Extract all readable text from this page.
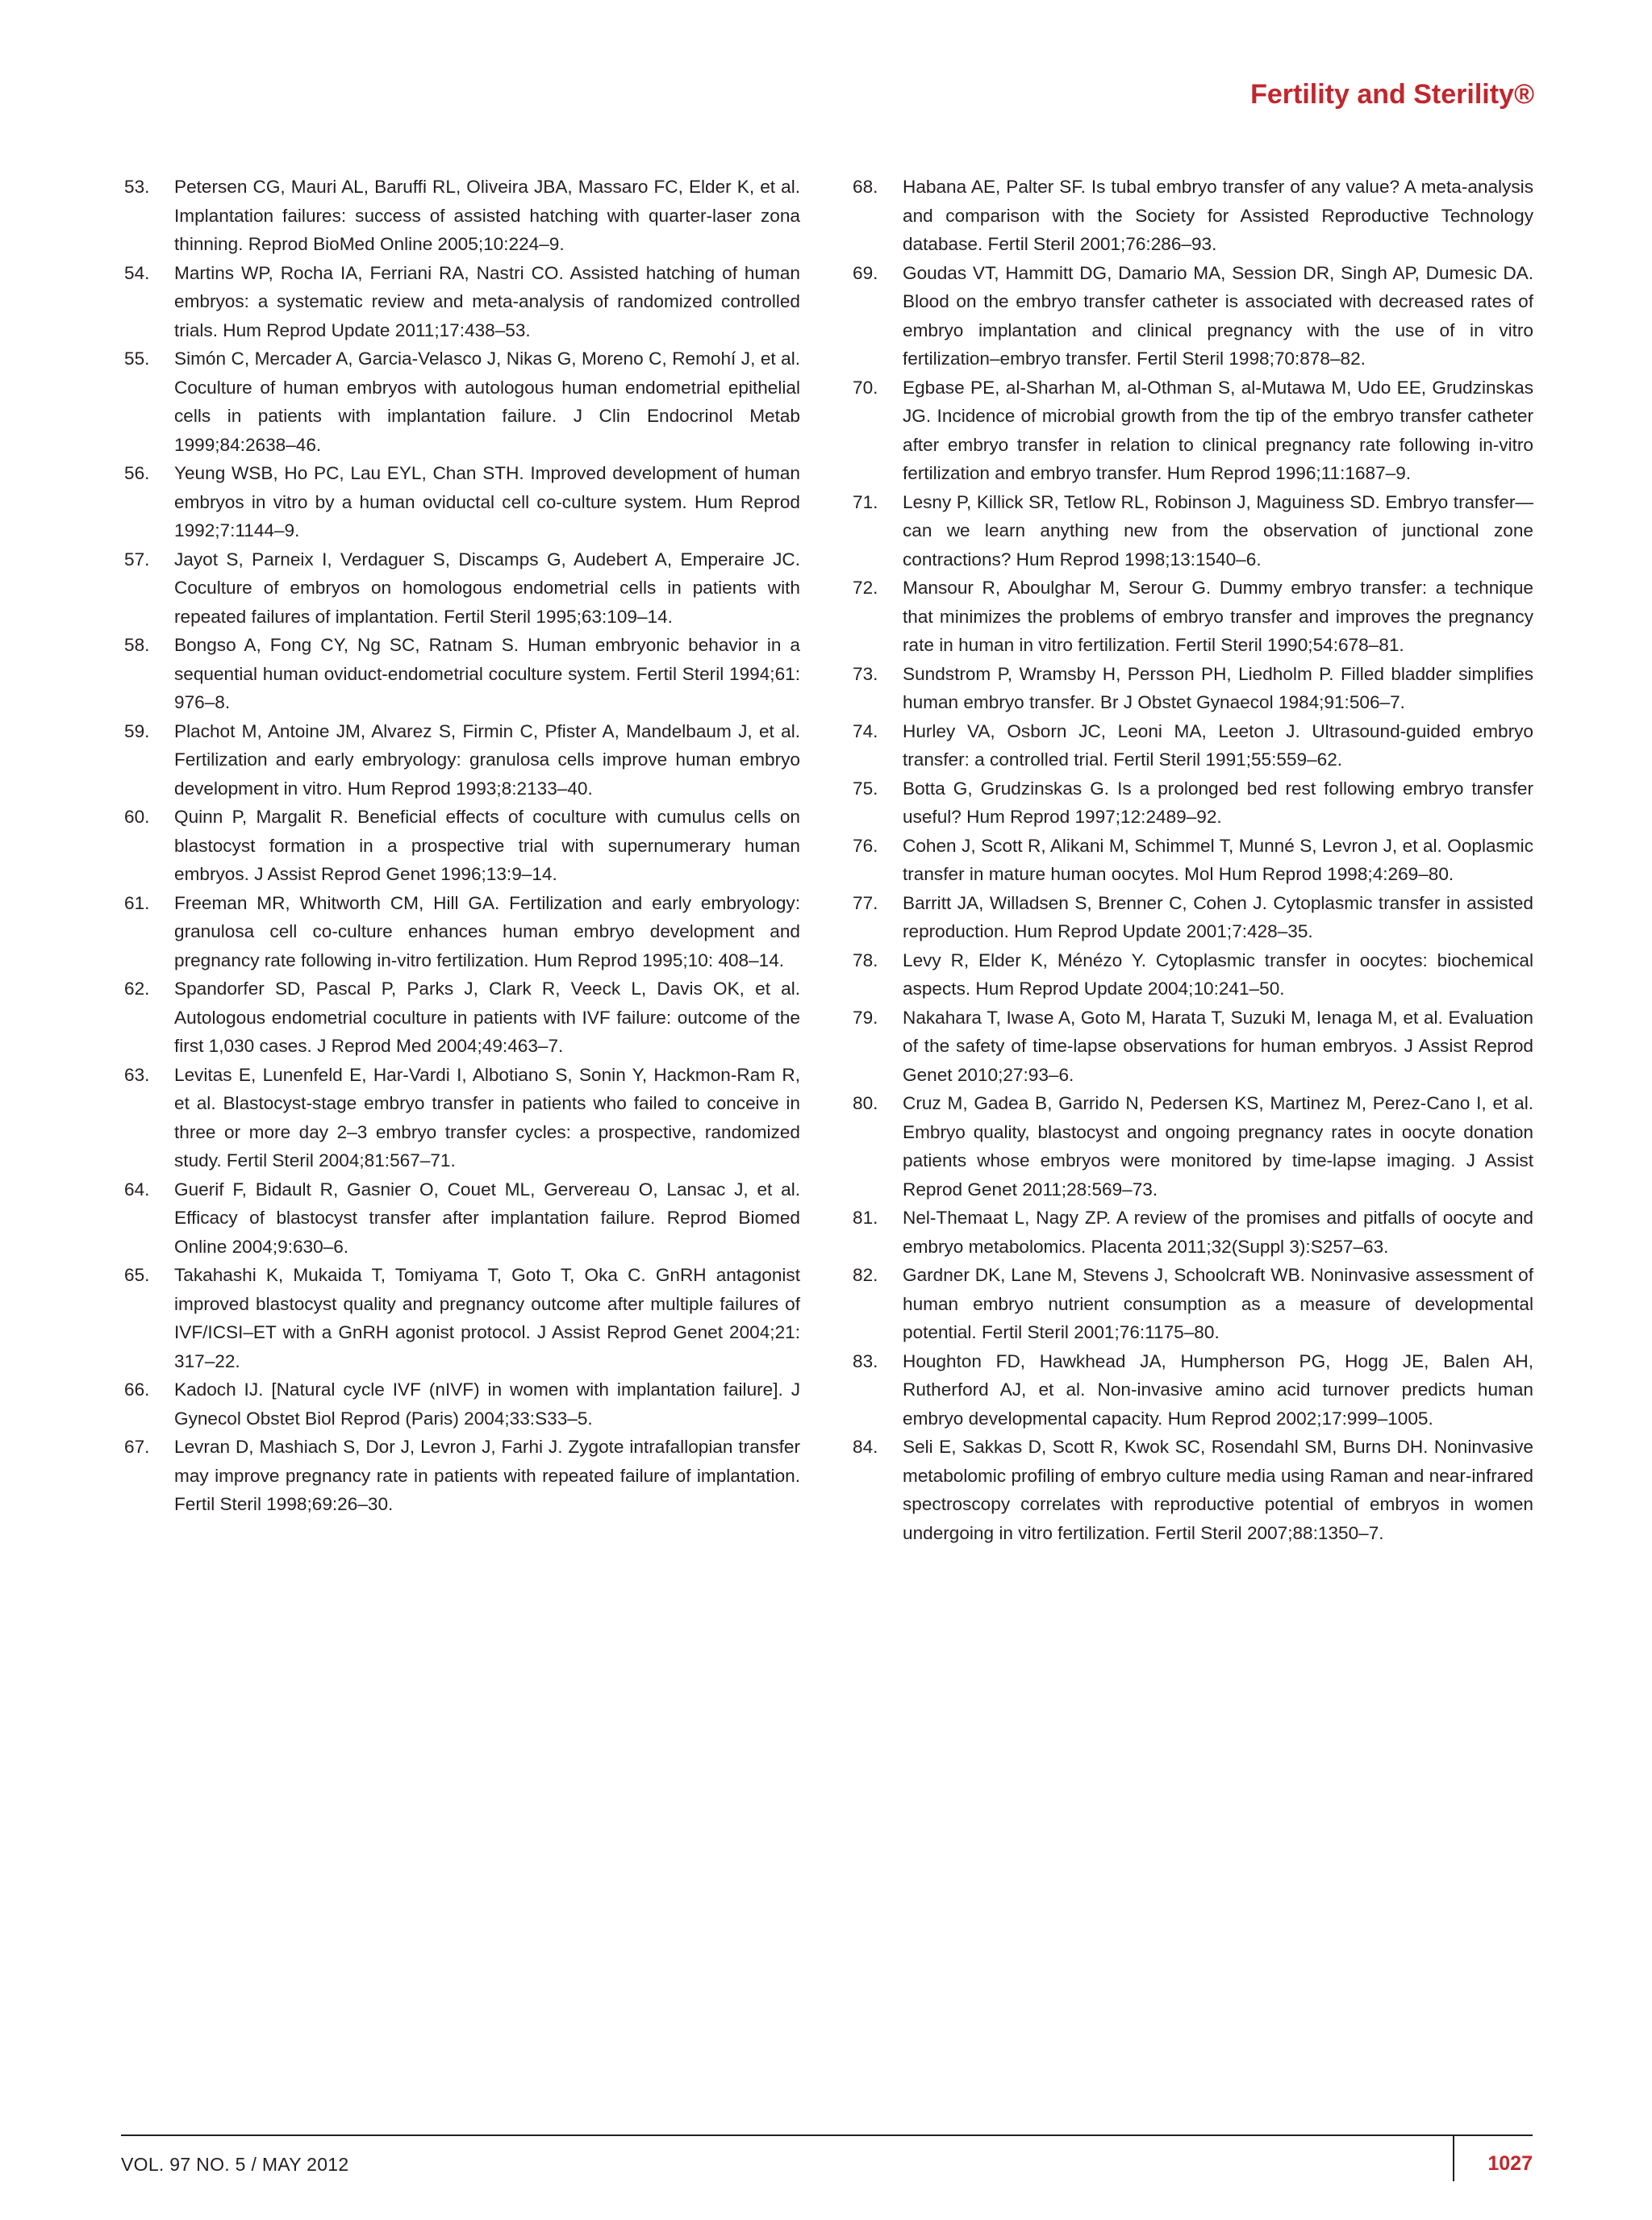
Fertility and Sterility®
53. Petersen CG, Mauri AL, Baruffi RL, Oliveira JBA, Massaro FC, Elder K, et al. Implantation failures: success of assisted hatching with quarter-laser zona thinning. Reprod BioMed Online 2005;10:224–9.
54. Martins WP, Rocha IA, Ferriani RA, Nastri CO. Assisted hatching of human embryos: a systematic review and meta-analysis of randomized controlled trials. Hum Reprod Update 2011;17:438–53.
55. Simón C, Mercader A, Garcia-Velasco J, Nikas G, Moreno C, Remohí J, et al. Coculture of human embryos with autologous human endometrial epithelial cells in patients with implantation failure. J Clin Endocrinol Metab 1999;84:2638–46.
56. Yeung WSB, Ho PC, Lau EYL, Chan STH. Improved development of human embryos in vitro by a human oviductal cell co-culture system. Hum Reprod 1992;7:1144–9.
57. Jayot S, Parneix I, Verdaguer S, Discamps G, Audebert A, Emperaire JC. Coculture of embryos on homologous endometrial cells in patients with repeated failures of implantation. Fertil Steril 1995;63:109–14.
58. Bongso A, Fong CY, Ng SC, Ratnam S. Human embryonic behavior in a sequential human oviduct-endometrial coculture system. Fertil Steril 1994;61: 976–8.
59. Plachot M, Antoine JM, Alvarez S, Firmin C, Pfister A, Mandelbaum J, et al. Fertilization and early embryology: granulosa cells improve human embryo development in vitro. Hum Reprod 1993;8:2133–40.
60. Quinn P, Margalit R. Beneficial effects of coculture with cumulus cells on blastocyst formation in a prospective trial with supernumerary human embryos. J Assist Reprod Genet 1996;13:9–14.
61. Freeman MR, Whitworth CM, Hill GA. Fertilization and early embryology: granulosa cell co-culture enhances human embryo development and pregnancy rate following in-vitro fertilization. Hum Reprod 1995;10: 408–14.
62. Spandorfer SD, Pascal P, Parks J, Clark R, Veeck L, Davis OK, et al. Autologous endometrial coculture in patients with IVF failure: outcome of the first 1,030 cases. J Reprod Med 2004;49:463–7.
63. Levitas E, Lunenfeld E, Har-Vardi I, Albotiano S, Sonin Y, Hackmon-Ram R, et al. Blastocyst-stage embryo transfer in patients who failed to conceive in three or more day 2–3 embryo transfer cycles: a prospective, randomized study. Fertil Steril 2004;81:567–71.
64. Guerif F, Bidault R, Gasnier O, Couet ML, Gervereau O, Lansac J, et al. Efficacy of blastocyst transfer after implantation failure. Reprod Biomed Online 2004;9:630–6.
65. Takahashi K, Mukaida T, Tomiyama T, Goto T, Oka C. GnRH antagonist improved blastocyst quality and pregnancy outcome after multiple failures of IVF/ICSI–ET with a GnRH agonist protocol. J Assist Reprod Genet 2004;21: 317–22.
66. Kadoch IJ. [Natural cycle IVF (nIVF) in women with implantation failure]. J Gynecol Obstet Biol Reprod (Paris) 2004;33:S33–5.
67. Levran D, Mashiach S, Dor J, Levron J, Farhi J. Zygote intrafallopian transfer may improve pregnancy rate in patients with repeated failure of implantation. Fertil Steril 1998;69:26–30.
68. Habana AE, Palter SF. Is tubal embryo transfer of any value? A meta-analysis and comparison with the Society for Assisted Reproductive Technology database. Fertil Steril 2001;76:286–93.
69. Goudas VT, Hammitt DG, Damario MA, Session DR, Singh AP, Dumesic DA. Blood on the embryo transfer catheter is associated with decreased rates of embryo implantation and clinical pregnancy with the use of in vitro fertilization–embryo transfer. Fertil Steril 1998;70:878–82.
70. Egbase PE, al-Sharhan M, al-Othman S, al-Mutawa M, Udo EE, Grudzinskas JG. Incidence of microbial growth from the tip of the embryo transfer catheter after embryo transfer in relation to clinical pregnancy rate following in-vitro fertilization and embryo transfer. Hum Reprod 1996;11:1687–9.
71. Lesny P, Killick SR, Tetlow RL, Robinson J, Maguiness SD. Embryo transfer—can we learn anything new from the observation of junctional zone contractions? Hum Reprod 1998;13:1540–6.
72. Mansour R, Aboulghar M, Serour G. Dummy embryo transfer: a technique that minimizes the problems of embryo transfer and improves the pregnancy rate in human in vitro fertilization. Fertil Steril 1990;54:678–81.
73. Sundstrom P, Wramsby H, Persson PH, Liedholm P. Filled bladder simplifies human embryo transfer. Br J Obstet Gynaecol 1984;91:506–7.
74. Hurley VA, Osborn JC, Leoni MA, Leeton J. Ultrasound-guided embryo transfer: a controlled trial. Fertil Steril 1991;55:559–62.
75. Botta G, Grudzinskas G. Is a prolonged bed rest following embryo transfer useful? Hum Reprod 1997;12:2489–92.
76. Cohen J, Scott R, Alikani M, Schimmel T, Munné S, Levron J, et al. Ooplasmic transfer in mature human oocytes. Mol Hum Reprod 1998;4:269–80.
77. Barritt JA, Willadsen S, Brenner C, Cohen J. Cytoplasmic transfer in assisted reproduction. Hum Reprod Update 2001;7:428–35.
78. Levy R, Elder K, Ménézo Y. Cytoplasmic transfer in oocytes: biochemical aspects. Hum Reprod Update 2004;10:241–50.
79. Nakahara T, Iwase A, Goto M, Harata T, Suzuki M, Ienaga M, et al. Evaluation of the safety of time-lapse observations for human embryos. J Assist Reprod Genet 2010;27:93–6.
80. Cruz M, Gadea B, Garrido N, Pedersen KS, Martinez M, Perez-Cano I, et al. Embryo quality, blastocyst and ongoing pregnancy rates in oocyte donation patients whose embryos were monitored by time-lapse imaging. J Assist Reprod Genet 2011;28:569–73.
81. Nel-Themaat L, Nagy ZP. A review of the promises and pitfalls of oocyte and embryo metabolomics. Placenta 2011;32(Suppl 3):S257–63.
82. Gardner DK, Lane M, Stevens J, Schoolcraft WB. Noninvasive assessment of human embryo nutrient consumption as a measure of developmental potential. Fertil Steril 2001;76:1175–80.
83. Houghton FD, Hawkhead JA, Humpherson PG, Hogg JE, Balen AH, Rutherford AJ, et al. Non-invasive amino acid turnover predicts human embryo developmental capacity. Hum Reprod 2002;17:999–1005.
84. Seli E, Sakkas D, Scott R, Kwok SC, Rosendahl SM, Burns DH. Noninvasive metabolomic profiling of embryo culture media using Raman and near-infrared spectroscopy correlates with reproductive potential of embryos in women undergoing in vitro fertilization. Fertil Steril 2007;88:1350–7.
VOL. 97 NO. 5 / MAY 2012	1027
